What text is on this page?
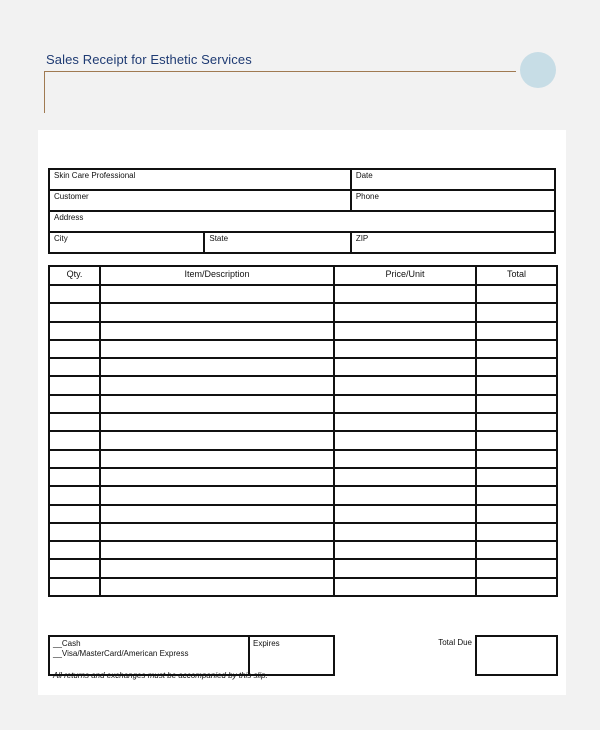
Sales Receipt for Esthetic Services
Skin Care Professional		Date
Customer		Phone
Address		
City	State	ZIP
Qty.	Item/Description	Price/Unit	Total

__Cash
__Visa/MasterCard/American Express
	Expires	Total Due	
All returns and exchanges must be accompanied by this slip.
